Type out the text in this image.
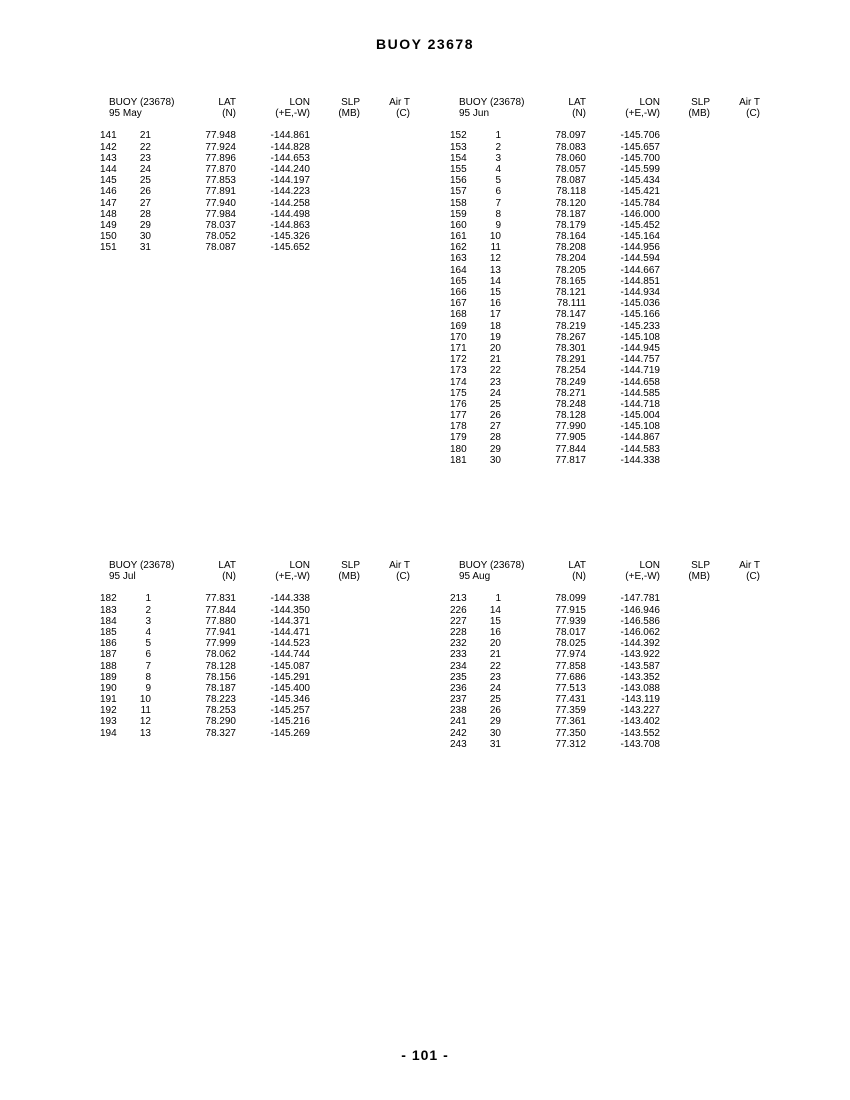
BUOY 23678
BUOY (23678)	LAT	LON	SLP	Air T
95 May	(N)	(+E,-W)	(MB)	(C)
141	21	77.948	-144.861
142	22	77.924	-144.828
143	23	77.896	-144.653
144	24	77.870	-144.240
145	25	77.853	-144.197
146	26	77.891	-144.223
147	27	77.940	-144.258
148	28	77.984	-144.498
149	29	78.037	-144.863
150	30	78.052	-145.326
151	31	78.087	-145.652
BUOY (23678)	LAT	LON	SLP	Air T
95 Jun	(N)	(+E,-W)	(MB)	(C)
152	1	78.097	-145.706
153	2	78.083	-145.657
154	3	78.060	-145.700
155	4	78.057	-145.599
156	5	78.087	-145.434
157	6	78.118	-145.421
158	7	78.120	-145.784
159	8	78.187	-146.000
160	9	78.179	-145.452
161	10	78.164	-145.164
162	11	78.208	-144.956
163	12	78.204	-144.594
164	13	78.205	-144.667
165	14	78.165	-144.851
166	15	78.121	-144.934
167	16	78.111	-145.036
168	17	78.147	-145.166
169	18	78.219	-145.233
170	19	78.267	-145.108
171	20	78.301	-144.945
172	21	78.291	-144.757
173	22	78.254	-144.719
174	23	78.249	-144.658
175	24	78.271	-144.585
176	25	78.248	-144.718
177	26	78.128	-145.004
178	27	77.990	-145.108
179	28	77.905	-144.867
180	29	77.844	-144.583
181	30	77.817	-144.338
BUOY (23678)	LAT	LON	SLP	Air T
95 Jul	(N)	(+E,-W)	(MB)	(C)
182	1	77.831	-144.338
183	2	77.844	-144.350
184	3	77.880	-144.371
185	4	77.941	-144.471
186	5	77.999	-144.523
187	6	78.062	-144.744
188	7	78.128	-145.087
189	8	78.156	-145.291
190	9	78.187	-145.400
191	10	78.223	-145.346
192	11	78.253	-145.257
193	12	78.290	-145.216
194	13	78.327	-145.269
BUOY (23678)	LAT	LON	SLP	Air T
95 Aug	(N)	(+E,-W)	(MB)	(C)
213	1	78.099	-147.781
226	14	77.915	-146.946
227	15	77.939	-146.586
228	16	78.017	-146.062
232	20	78.025	-144.392
233	21	77.974	-143.922
234	22	77.858	-143.587
235	23	77.686	-143.352
236	24	77.513	-143.088
237	25	77.431	-143.119
238	26	77.359	-143.227
241	29	77.361	-143.402
242	30	77.350	-143.552
243	31	77.312	-143.708
- 101 -
